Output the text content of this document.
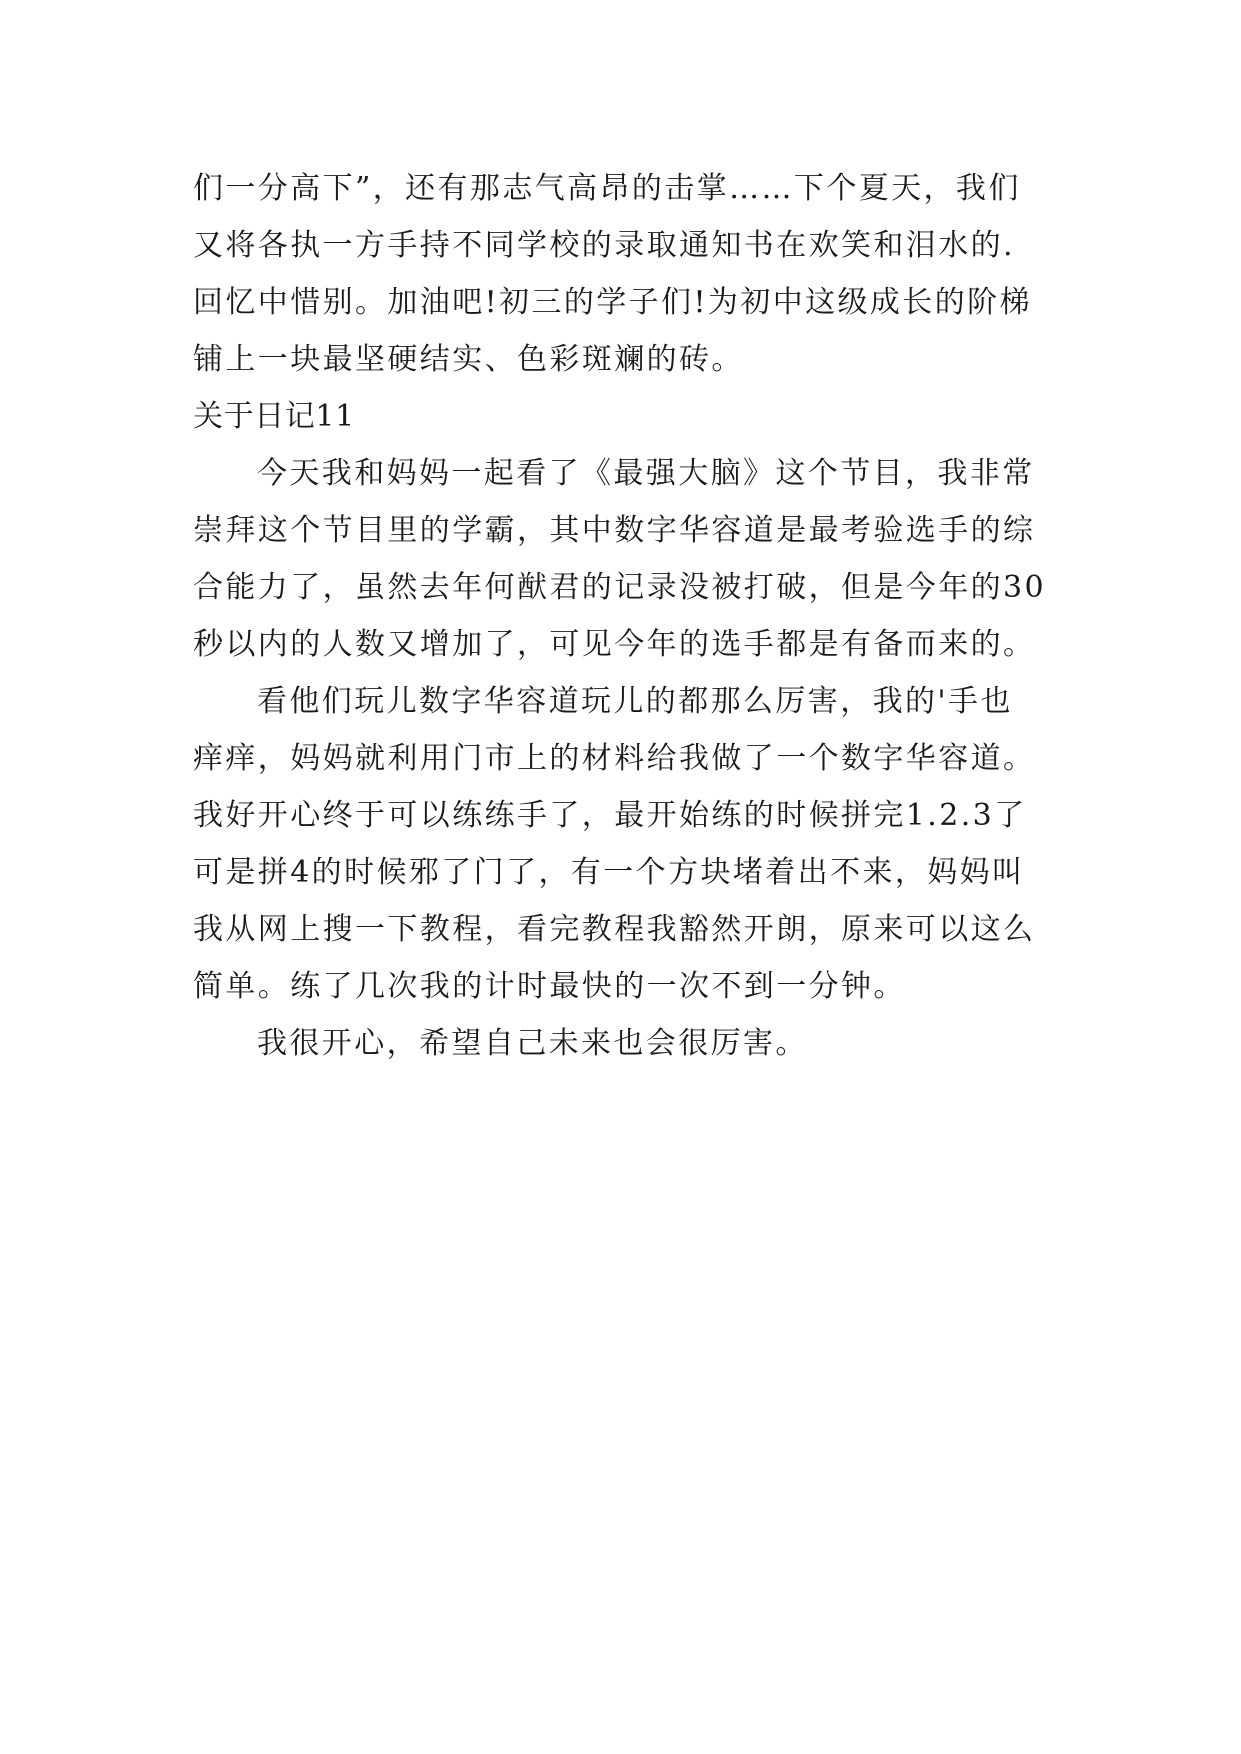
们一分高下”，还有那志气高昂的击掌……下个夏天，我们

又将各执一方手持不同学校的录取通知书在欢笑和泪水的.

回忆中惜别。加油吧!初三的学子们!为初中这级成长的阶梯

铺上一块最坚硬结实、色彩斑斓的砖。

关于日记11

今天我和妈妈一起看了《最强大脑》这个节目，我非常

崇拜这个节目里的学霸，其中数字华容道是最考验选手的综

合能力了，虽然去年何猷君的记录没被打破，但是今年的30

秒以内的人数又增加了，可见今年的选手都是有备而来的。

看他们玩儿数字华容道玩儿的都那么厉害，我的'手也

痒痒，妈妈就利用门市上的材料给我做了一个数字华容道。

我好开心终于可以练练手了，最开始练的时候拼完1.2.3了

可是拼4的时候邪了门了，有一个方块堵着出不来，妈妈叫

我从网上搜一下教程，看完教程我豁然开朗，原来可以这么

简单。练了几次我的计时最快的一次不到一分钟。

我很开心，希望自己未来也会很厉害。
